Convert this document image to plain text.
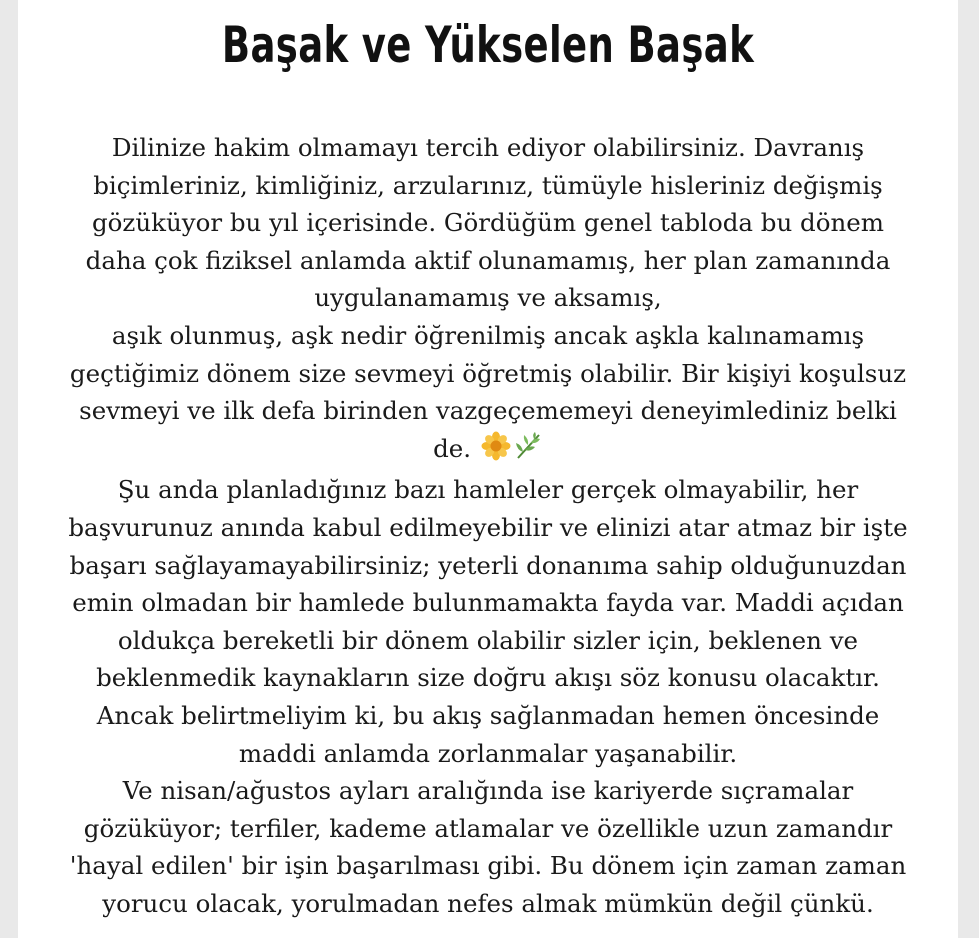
Başak ve Yükselen Başak
Dilinize hakim olmamayı tercih ediyor olabilirsiniz. Davranış
biçimleriniz, kimliğiniz, arzularınız, tümüyle hisleriniz değişmiş
gözüküyor bu yıl içerisinde. Gördüğüm genel tabloda bu dönem
daha çok fiziksel anlamda aktif olunamamış, her plan zamanında
uygulanamamış ve aksamış,
aşık olunmuş, aşk nedir öğrenilmiş ancak aşkla kalınamamış
geçtiğimiz dönem size sevmeyi öğretmiş olabilir. Bir kişiyi koşulsuz
sevmeyi ve ilk defa birinden vazgeçememeyi deneyimlediniz belki
de.
Şu anda planladığınız bazı hamleler gerçek olmayabilir, her
başvurunuz anında kabul edilmeyebilir ve elinizi atar atmaz bir işte
başarı sağlayamayabilirsiniz; yeterli donanıma sahip olduğunuzdan
emin olmadan bir hamlede bulunmamakta fayda var. Maddi açıdan
oldukça bereketli bir dönem olabilir sizler için, beklenen ve
beklenmedik kaynakların size doğru akışı söz konusu olacaktır.
Ancak belirtmeliyim ki, bu akış sağlanmadan hemen öncesinde
maddi anlamda zorlanmalar yaşanabilir.
Ve nisan/ağustos ayları aralığında ise kariyerde sıçramalar
gözüküyor; terfiler, kademe atlamalar ve özellikle uzun zamandır
'hayal edilen' bir işin başarılması gibi. Bu dönem için zaman zaman
yorucu olacak, yorulmadan nefes almak mümkün değil çünkü.
